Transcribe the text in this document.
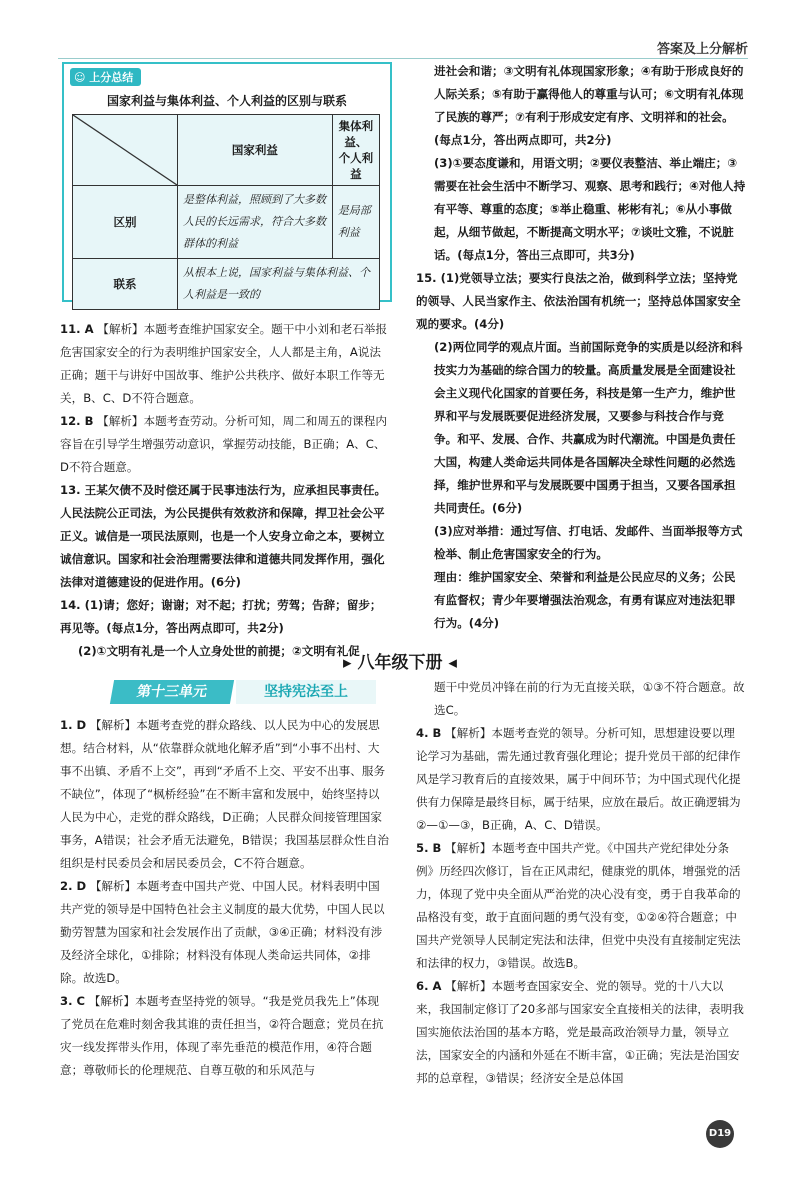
答案及上分解析
☺ 上分总结
国家利益与集体利益、个人利益的区别与联系
	国家利益	集体利益、
个人利益
区别	是整体利益，照顾到了大多数人民的长远需求，符合大多数群体的利益	是局部利益
联系	从根本上说，国家利益与集体利益、个人利益是一致的	

11. A 【解析】本题考查维护国家安全。题干中小刘和老石举报危害国家安全的行为表明维护国家安全，人人都是主角，A说法正确；题干与讲好中国故事、维护公共秩序、做好本职工作等无关，B、C、D不符合题意。

12. B 【解析】本题考查劳动。分析可知，周二和周五的课程内容旨在引导学生增强劳动意识，掌握劳动技能，B正确；A、C、D不符合题意。

13. 王某欠债不及时偿还属于民事违法行为，应承担民事责任。人民法院公正司法，为公民提供有效救济和保障，捍卫社会公平正义。诚信是一项民法原则，也是一个人安身立命之本，要树立诚信意识。国家和社会治理需要法律和道德共同发挥作用，强化法律对道德建设的促进作用。(6分)

14. (1)请；您好；谢谢；对不起；打扰；劳驾；告辞；留步；再见等。(每点1分，答出两点即可，共2分)

(2)①文明有礼是一个人立身处世的前提；②文明有礼促

进社会和谐；③文明有礼体现国家形象；④有助于形成良好的人际关系；⑤有助于赢得他人的尊重与认可；⑥文明有礼体现了民族的尊严；⑦有利于形成安定有序、文明祥和的社会。(每点1分，答出两点即可，共2分)

(3)①要态度谦和，用语文明；②要仪表整洁、举止端庄；③需要在社会生活中不断学习、观察、思考和践行；④对他人持有平等、尊重的态度；⑤举止稳重、彬彬有礼；⑥从小事做起，从细节做起，不断提高文明水平；⑦谈吐文雅，不说脏话。(每点1分，答出三点即可，共3分)

15. (1)党领导立法；要实行良法之治，做到科学立法；坚持党的领导、人民当家作主、依法治国有机统一；坚持总体国家安全观的要求。(4分)

(2)两位同学的观点片面。当前国际竞争的实质是以经济和科技实力为基础的综合国力的较量。高质量发展是全面建设社会主义现代化国家的首要任务，科技是第一生产力，维护世界和平与发展既要促进经济发展，又要参与科技合作与竞争。和平、发展、合作、共赢成为时代潮流。中国是负责任大国，构建人类命运共同体是各国解决全球性问题的必然选择，维护世界和平与发展既要中国勇于担当，又要各国承担共同责任。(6分)

(3)应对举措：通过写信、打电话、发邮件、当面举报等方式检举、制止危害国家安全的行为。

理由：维护国家安全、荣誉和利益是公民应尽的义务；公民有监督权；青少年要增强法治观念，有勇有谋应对违法犯罪行为。(4分)

▸ 八年级下册 ◂
第十三单元	坚持宪法至上

1. D 【解析】本题考查党的群众路线、以人民为中心的发展思想。结合材料，从“依靠群众就地化解矛盾”到“小事不出村、大事不出镇、矛盾不上交”，再到“矛盾不上交、平安不出事、服务不缺位”，体现了“枫桥经验”在不断丰富和发展中，始终坚持以人民为中心，走党的群众路线，D正确；人民群众间接管理国家事务，A错误；社会矛盾无法避免，B错误；我国基层群众性自治组织是村民委员会和居民委员会，C不符合题意。

2. D 【解析】本题考查中国共产党、中国人民。材料表明中国共产党的领导是中国特色社会主义制度的最大优势，中国人民以勤劳智慧为国家和社会发展作出了贡献，③④正确；材料没有涉及经济全球化，①排除；材料没有体现人类命运共同体，②排除。故选D。

3. C 【解析】本题考查坚持党的领导。“我是党员我先上”体现了党员在危难时刻舍我其谁的责任担当，②符合题意；党员在抗灾一线发挥带头作用，体现了率先垂范的模范作用，④符合题意；尊敬师长的伦理规范、自尊互敬的和乐风范与

题干中党员冲锋在前的行为无直接关联，①③不符合题意。故选C。

4. B 【解析】本题考查党的领导。分析可知，思想建设要以理论学习为基础，需先通过教育强化理论；提升党员干部的纪律作风是学习教育后的直接效果，属于中间环节；为中国式现代化提供有力保障是最终目标，属于结果，应放在最后。故正确逻辑为②—①—③，B正确，A、C、D错误。

5. B 【解析】本题考查中国共产党。《中国共产党纪律处分条例》历经四次修订，旨在正风肃纪，健康党的肌体，增强党的活力，体现了党中央全面从严治党的决心没有变，勇于自我革命的品格没有变，敢于直面问题的勇气没有变，①②④符合题意；中国共产党领导人民制定宪法和法律，但党中央没有直接制定宪法和法律的权力，③错误。故选B。

6. A 【解析】本题考查国家安全、党的领导。党的十八大以来，我国制定修订了20多部与国家安全直接相关的法律，表明我国实施依法治国的基本方略，党是最高政治领导力量，领导立法，国家安全的内涵和外延在不断丰富，①正确；宪法是治国安邦的总章程，③错误；经济安全是总体国

D19
